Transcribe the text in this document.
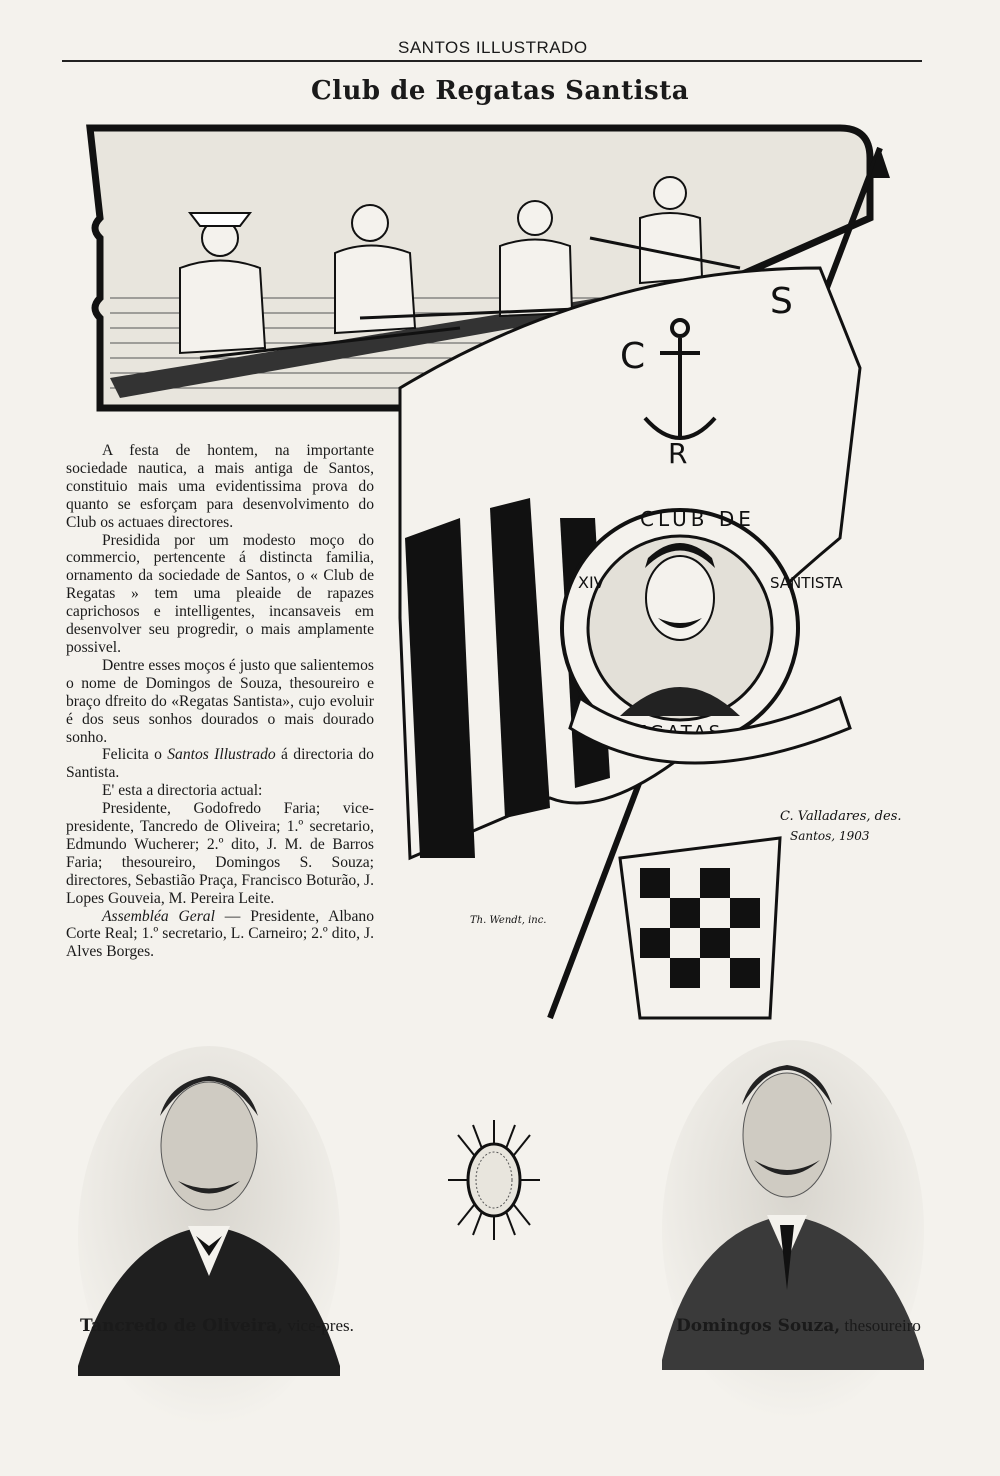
SANTOS ILLUSTRADO
Club de Regatas Santista
C
S
R
CLUB DE
XIV	SANTISTA
C. Valladares, des.
Santos, 1903
Th. Wendt, inc.

A festa de hontem, na importante sociedade nautica, a mais antiga de Santos, constituio mais uma evidentissima prova do quanto se esforçam para desenvolvimento do Club os actuaes directores.

Presidida por um modesto moço do commercio, pertencente á distincta familia, ornamento da sociedade de Santos, o « Club de Regatas » tem uma pleaide de rapazes caprichosos e intelligentes, incansaveis em desenvolver seu progredir, o mais amplamente possivel.

Dentre esses moços é justo que salientemos o nome de Domingos de Souza, thesoureiro e braço dfreito do «Regatas Santista», cujo evoluir é dos seus sonhos dourados o mais dourado sonho.

Felicita o Santos Illustrado á directoria do Santista.

E' esta a directoria actual:

Presidente, Godofredo Faria; vice-presidente, Tancredo de Oliveira; 1.º secretario, Edmundo Wucherer; 2.º dito, J. M. de Barros Faria; thesoureiro, Domingos S. Souza; directores, Sebastião Praça, Francisco Boturão, J. Lopes Gouveia, M. Pereira Leite.

Assembléa Geral — Presidente, Albano Corte Real; 1.º secretario, L. Carneiro; 2.º dito, J. Alves Borges.

Tancredo de Oliveira, vice-pres.	Domingos Souza, thesoureiro
